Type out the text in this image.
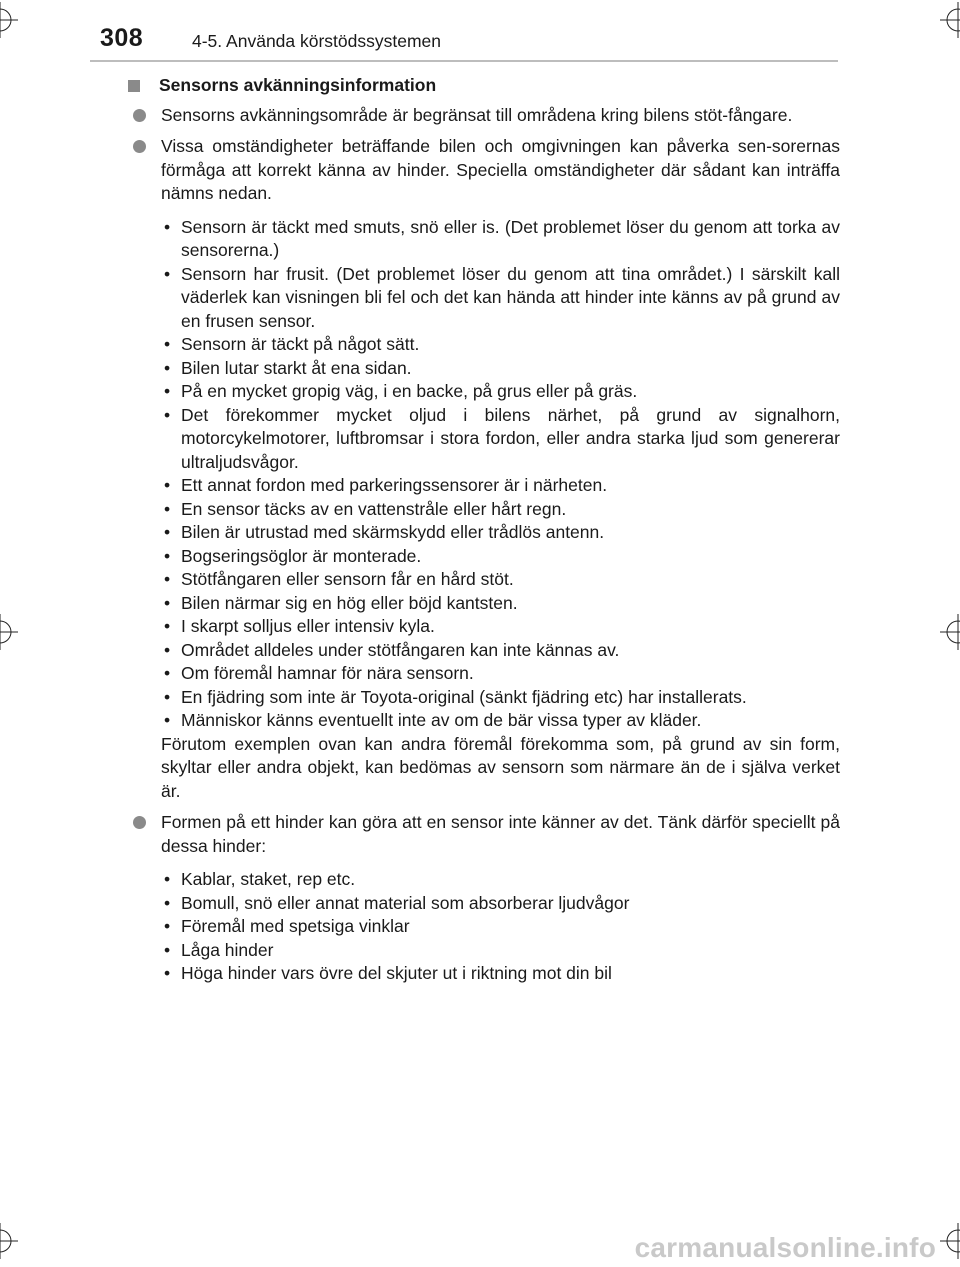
308	4-5. Använda körstödssystemen
Sensorns avkänningsinformation
Sensorns avkänningsområde är begränsat till områdena kring bilens stöt-fångare.
Vissa omständigheter beträffande bilen och omgivningen kan påverka sen-sorernas förmåga att korrekt känna av hinder. Speciella omständigheter där sådant kan inträffa nämns nedan.
• Sensorn är täckt med smuts, snö eller is. (Det problemet löser du genom att torka av sensorerna.)
• Sensorn har frusit. (Det problemet löser du genom att tina området.) I särskilt kall väderlek kan visningen bli fel och det kan hända att hinder inte känns av på grund av en frusen sensor.
• Sensorn är täckt på något sätt.
• Bilen lutar starkt åt ena sidan.
• På en mycket gropig väg, i en backe, på grus eller på gräs.
• Det förekommer mycket oljud i bilens närhet, på grund av signalhorn, motorcykelmotorer, luftbromsar i stora fordon, eller andra starka ljud som genererar ultraljudsvågor.
• Ett annat fordon med parkeringssensorer är i närheten.
• En sensor täcks av en vattenstråle eller hårt regn.
• Bilen är utrustad med skärmskydd eller trådlös antenn.
• Bogseringsöglor är monterade.
• Stötfångaren eller sensorn får en hård stöt.
• Bilen närmar sig en hög eller böjd kantsten.
• I skarpt solljus eller intensiv kyla.
• Området alldeles under stötfångaren kan inte kännas av.
• Om föremål hamnar för nära sensorn.
• En fjädring som inte är Toyota-original (sänkt fjädring etc) har installerats.
• Människor känns eventuellt inte av om de bär vissa typer av kläder.
Förutom exemplen ovan kan andra föremål förekomma som, på grund av sin form, skyltar eller andra objekt, kan bedömas av sensorn som närmare än de i själva verket är.
Formen på ett hinder kan göra att en sensor inte känner av det. Tänk därför speciellt på dessa hinder:
• Kablar, staket, rep etc.
• Bomull, snö eller annat material som absorberar ljudvågor
• Föremål med spetsiga vinklar
• Låga hinder
• Höga hinder vars övre del skjuter ut i riktning mot din bil
carmanualsonline.info
